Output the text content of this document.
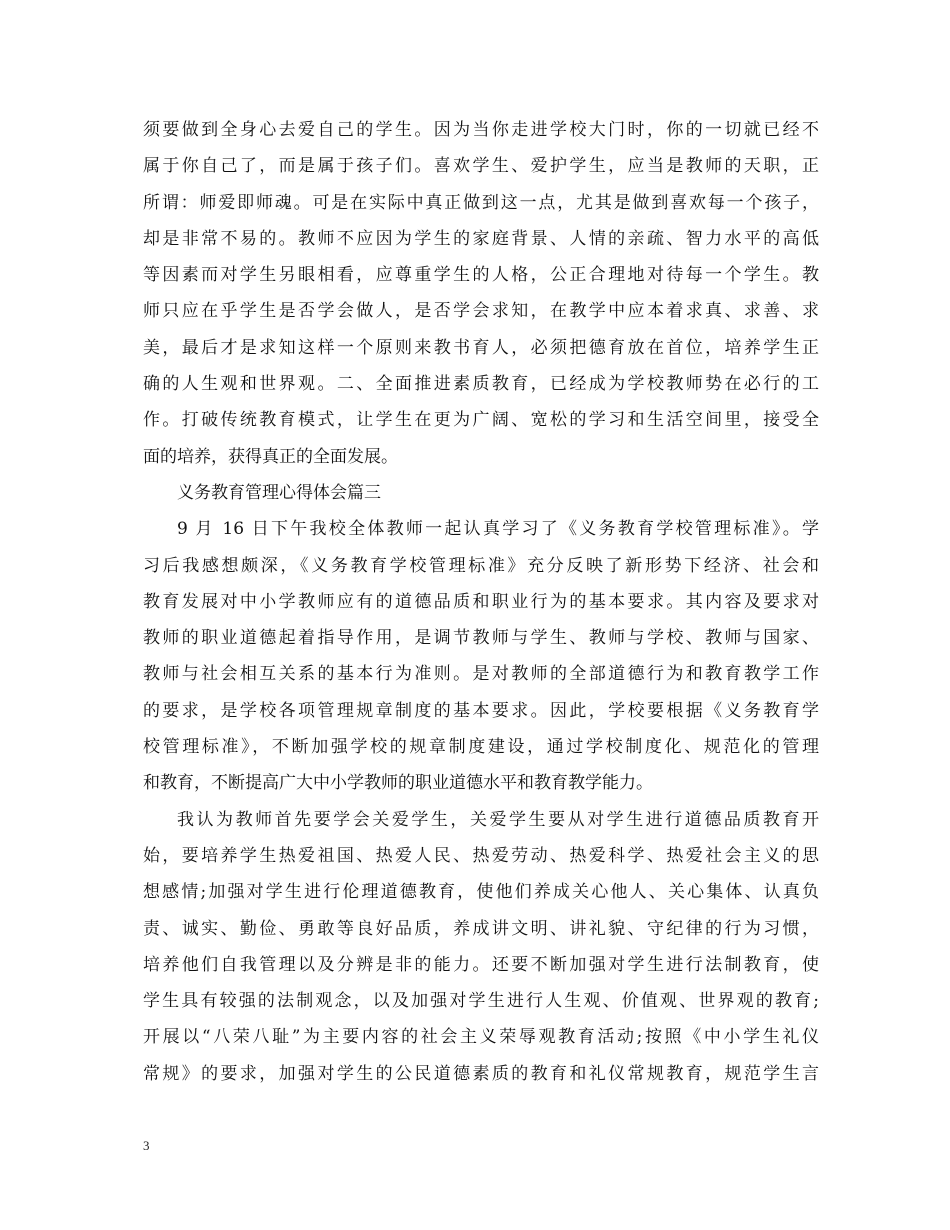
须要做到全身心去爱自己的学生。因为当你走进学校大门时，你的一切就已经不
属于你自己了，而是属于孩子们。喜欢学生、爱护学生，应当是教师的天职，正
所谓：师爱即师魂。可是在实际中真正做到这一点，尤其是做到喜欢每一个孩子，
却是非常不易的。教师不应因为学生的家庭背景、人情的亲疏、智力水平的高低
等因素而对学生另眼相看，应尊重学生的人格，公正合理地对待每一个学生。教
师只应在乎学生是否学会做人，是否学会求知，在教学中应本着求真、求善、求
美，最后才是求知这样一个原则来教书育人，必须把德育放在首位，培养学生正
确的人生观和世界观。二、全面推进素质教育，已经成为学校教师势在必行的工
作。打破传统教育模式，让学生在更为广阔、宽松的学习和生活空间里，接受全
面的培养，获得真正的全面发展。
义务教育管理心得体会篇三
9 月 16 日下午我校全体教师一起认真学习了《义务教育学校管理标准》。学
习后我感想颇深，《义务教育学校管理标准》充分反映了新形势下经济、社会和
教育发展对中小学教师应有的道德品质和职业行为的基本要求。其内容及要求对
教师的职业道德起着指导作用，是调节教师与学生、教师与学校、教师与国家、
教师与社会相互关系的基本行为准则。是对教师的全部道德行为和教育教学工作
的要求，是学校各项管理规章制度的基本要求。因此，学校要根据《义务教育学
校管理标准》，不断加强学校的规章制度建设，通过学校制度化、规范化的管理
和教育，不断提高广大中小学教师的职业道德水平和教育教学能力。
我认为教师首先要学会关爱学生，关爱学生要从对学生进行道德品质教育开
始，要培养学生热爱祖国、热爱人民、热爱劳动、热爱科学、热爱社会主义的思
想感情;加强对学生进行伦理道德教育，使他们养成关心他人、关心集体、认真负
责、诚实、勤俭、勇敢等良好品质，养成讲文明、讲礼貌、守纪律的行为习惯，
培养他们自我管理以及分辨是非的能力。还要不断加强对学生进行法制教育，使
学生具有较强的法制观念，以及加强对学生进行人生观、价值观、世界观的教育;
开展以“八荣八耻”为主要内容的社会主义荣辱观教育活动;按照《中小学生礼仪
常规》的要求，加强对学生的公民道德素质的教育和礼仪常规教育，规范学生言
3
